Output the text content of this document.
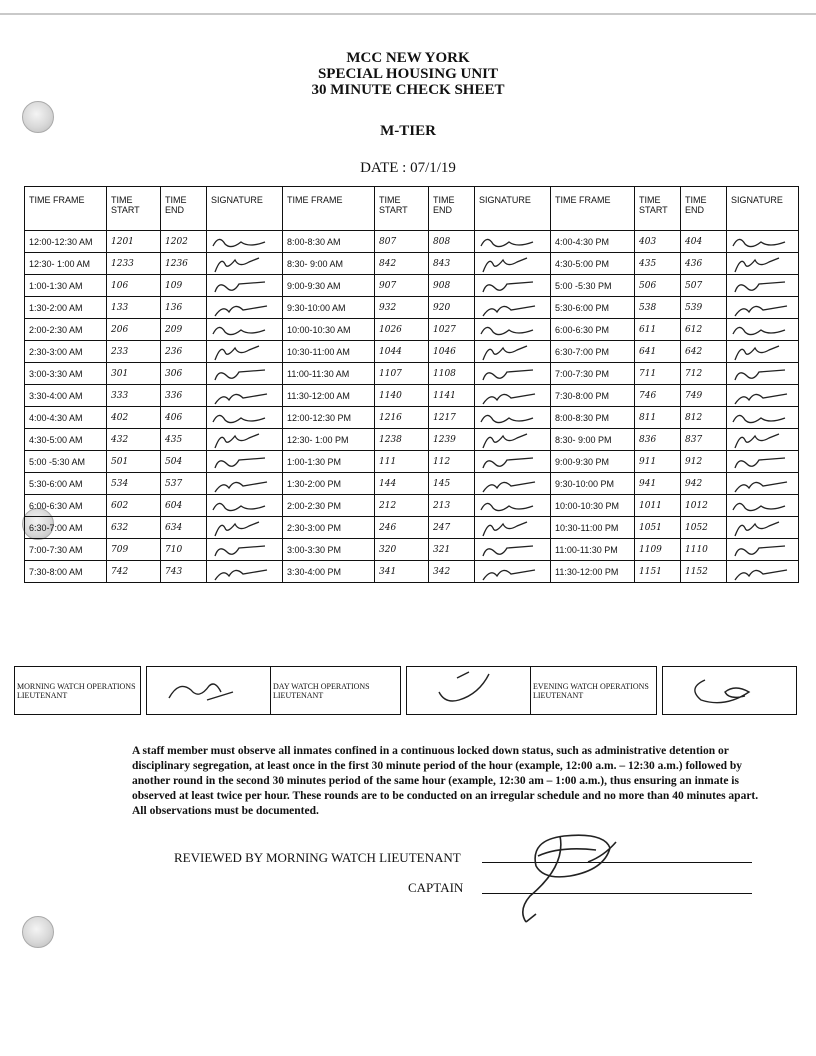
MCC NEW YORK
SPECIAL HOUSING UNIT
30 MINUTE CHECK SHEET
M-TIER
DATE : 07/1/19
TIME FRAME	TIME START	TIME END	SIGNATURE	TIME FRAME	TIME START	TIME END	SIGNATURE	TIME FRAME	TIME START	TIME END	SIGNATURE
12:00-12:30 AM	1201	1202		8:00-8:30 AM	807	808		4:00-4:30 PM	403	404	

12:30- 1:00 AM	1233	1236		8:30- 9:00 AM	842	843		4:30-5:00 PM	435	436	

1:00-1:30 AM	106	109		9:00-9:30 AM	907	908		5:00 -5:30 PM	506	507	

1:30-2:00 AM	133	136		9:30-10:00 AM	932	920		5:30-6:00 PM	538	539	

2:00-2:30 AM	206	209		10:00-10:30 AM	1026	1027		6:00-6:30 PM	611	612	

2:30-3:00 AM	233	236		10:30-11:00 AM	1044	1046		6:30-7:00 PM	641	642	

3:00-3:30 AM	301	306		11:00-11:30 AM	1107	1108		7:00-7:30 PM	711	712	

3:30-4:00 AM	333	336		11:30-12:00 AM	1140	1141		7:30-8:00 PM	746	749	

4:00-4:30 AM	402	406		12:00-12:30 PM	1216	1217		8:00-8:30 PM	811	812	

4:30-5:00 AM	432	435		12:30- 1:00 PM	1238	1239		8:30- 9:00 PM	836	837	

5:00 -5:30 AM	501	504		1:00-1:30 PM	111	112		9:00-9:30 PM	911	912	

5:30-6:00 AM	534	537		1:30-2:00 PM	144	145		9:30-10:00 PM	941	942	

6:00-6:30 AM	602	604		2:00-2:30 PM	212	213		10:00-10:30 PM	1011	1012	

6:30-7:00 AM	632	634		2:30-3:00 PM	246	247		10:30-11:00 PM	1051	1052	

7:00-7:30 AM	709	710		3:00-3:30 PM	320	321		11:00-11:30 PM	1109	1110	

7:30-8:00 AM	742	743		3:30-4:00 PM	341	342		11:30-12:00 PM	1151	1152	
MORNING WATCH OPERATIONS LIEUTENANT			DAY WATCH OPERATIONS LIEUTENANT			EVENING WATCH OPERATIONS LIEUTENANT		
A staff member must observe all inmates confined in a continuous locked down status, such as administrative detention or disciplinary segregation, at least once in the first 30 minute period of the hour (example, 12:00 a.m. – 12:30 a.m.) followed by another round in the second 30 minutes period of the same hour (example, 12:30 am – 1:00 a.m.), thus ensuring an inmate is observed at least twice per hour. These rounds are to be conducted on an irregular schedule and no more than 40 minutes apart. All observations must be documented.
REVIEWED BY MORNING WATCH LIEUTENANT
CAPTAIN
